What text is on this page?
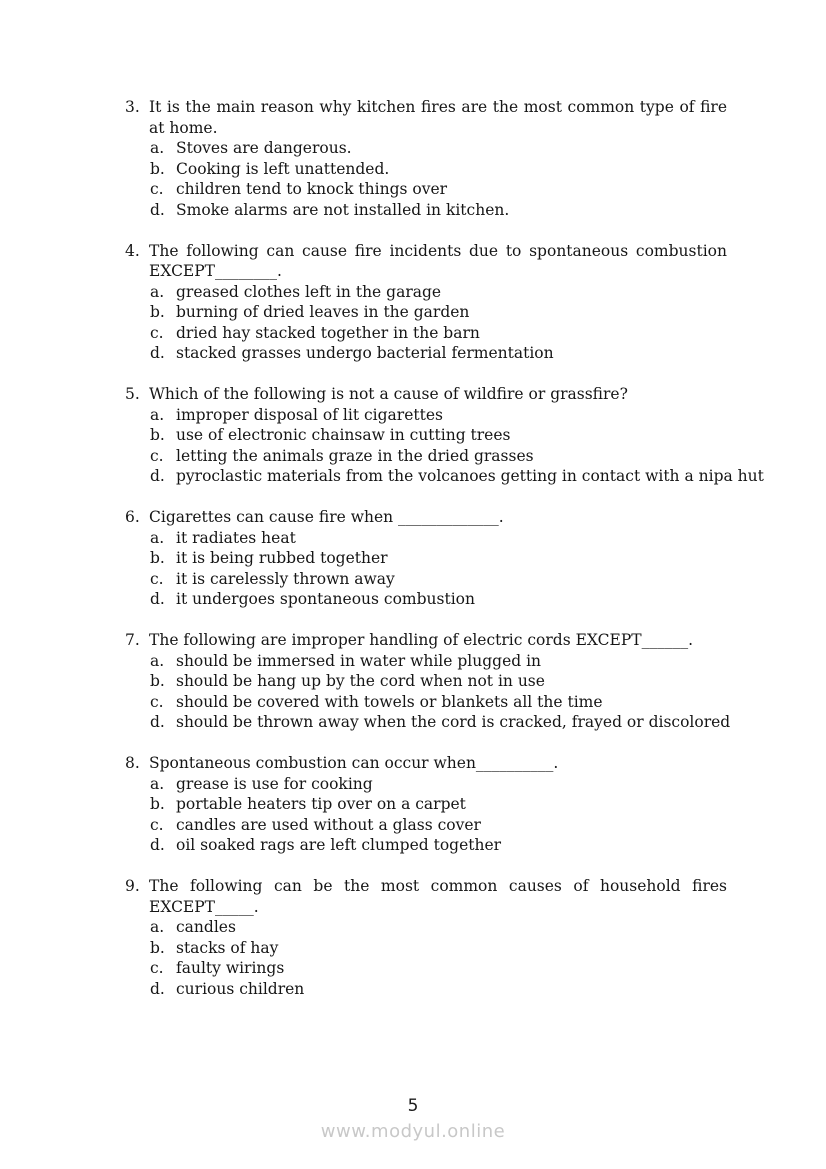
3. It is the main reason why kitchen fires are the most common type of fire at home.
a. Stoves are dangerous.
b. Cooking is left unattended.
c. children tend to knock things over
d. Smoke alarms are not installed in kitchen.
4. The following can cause fire incidents due to spontaneous combustion EXCEPT________.
a. greased clothes left in the garage
b. burning of dried leaves in the garden
c. dried hay stacked together in the barn
d. stacked grasses undergo bacterial fermentation
5. Which of the following is not a cause of wildfire or grassfire?
a. improper disposal of lit cigarettes
b. use of electronic chainsaw in cutting trees
c. letting the animals graze in the dried grasses
d. pyroclastic materials from the volcanoes getting in contact with a nipa hut
6. Cigarettes can cause fire when _____________.
a. it radiates heat
b. it is being rubbed together
c. it is carelessly thrown away
d. it undergoes spontaneous combustion
7. The following are improper handling of electric cords EXCEPT______.
a. should be immersed in water while plugged in
b. should be hang up by the cord when not in use
c. should be covered with towels or blankets all the time
d. should be thrown away when the cord is cracked, frayed or discolored
8. Spontaneous combustion can occur when__________.
a. grease is use for cooking
b. portable heaters tip over on a carpet
c. candles are used without a glass cover
d. oil soaked rags are left clumped together
9. The following can be the most common causes of household fires EXCEPT_____.
a. candles
b. stacks of hay
c. faulty wirings
d. curious children
5
www.modyul.online
